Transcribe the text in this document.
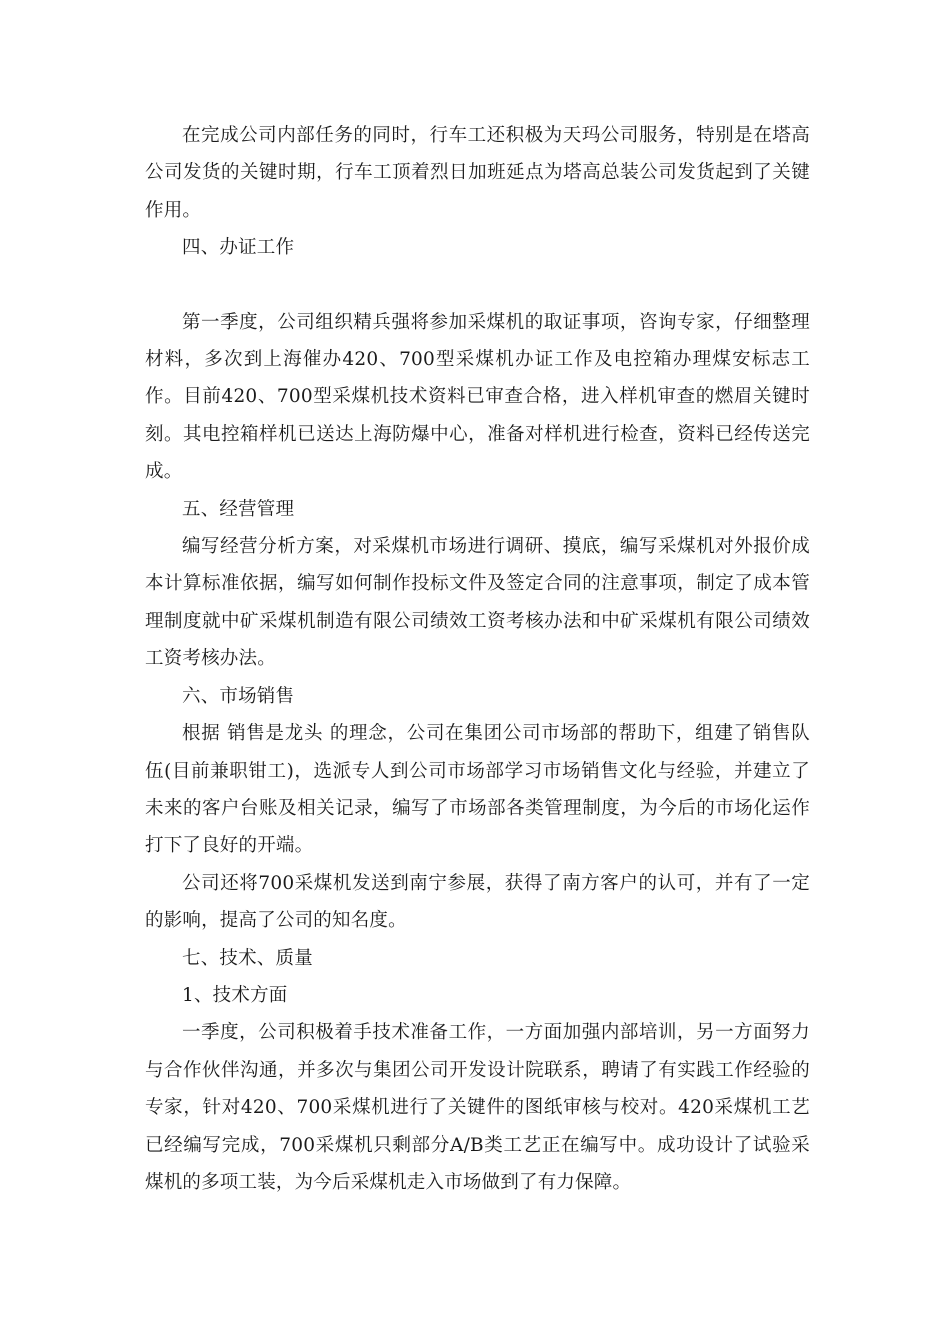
在完成公司内部任务的同时，行车工还积极为天玛公司服务，特别是在塔高公司发货的关键时期，行车工顶着烈日加班延点为塔高总装公司发货起到了关键作用。

四、办证工作

第一季度，公司组织精兵强将参加采煤机的取证事项，咨询专家，仔细整理材料，多次到上海催办420、700型采煤机办证工作及电控箱办理煤安标志工作。目前420、700型采煤机技术资料已审查合格，进入样机审查的燃眉关键时刻。其电控箱样机已送达上海防爆中心，准备对样机进行检查，资料已经传送完成。

五、经营管理

编写经营分析方案，对采煤机市场进行调研、摸底，编写采煤机对外报价成本计算标准依据，编写如何制作投标文件及签定合同的注意事项，制定了成本管理制度就中矿采煤机制造有限公司绩效工资考核办法和中矿采煤机有限公司绩效工资考核办法。

六、市场销售

根据 销售是龙头 的理念，公司在集团公司市场部的帮助下，组建了销售队伍(目前兼职钳工)，选派专人到公司市场部学习市场销售文化与经验，并建立了未来的客户台账及相关记录，编写了市场部各类管理制度，为今后的市场化运作打下了良好的开端。

公司还将700采煤机发送到南宁参展，获得了南方客户的认可，并有了一定的影响，提高了公司的知名度。

七、技术、质量

1、技术方面

一季度，公司积极着手技术准备工作，一方面加强内部培训，另一方面努力与合作伙伴沟通，并多次与集团公司开发设计院联系，聘请了有实践工作经验的专家，针对420、700采煤机进行了关键件的图纸审核与校对。420采煤机工艺已经编写完成，700采煤机只剩部分A/B类工艺正在编写中。成功设计了试验采煤机的多项工装，为今后采煤机走入市场做到了有力保障。
